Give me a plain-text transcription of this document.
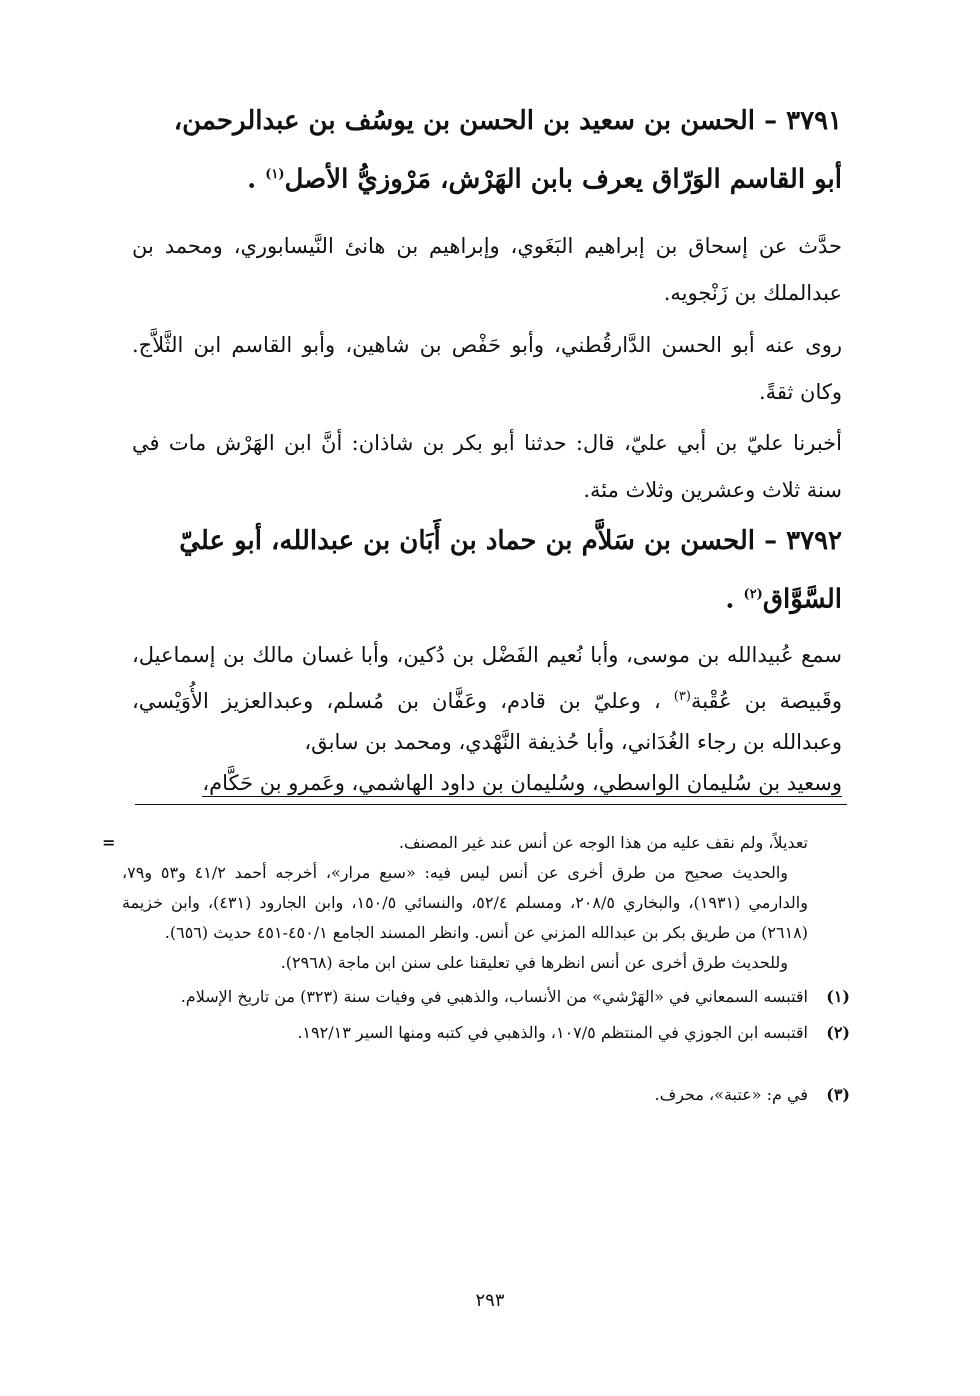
٣٧٩١ – الحسن بن سعيد بن الحسن بن يوسُف بن عبدالرحمن،
أبو القاسم الوَرّاق يعرف بابن الهَرْش، مَرْوزيُّ الأصل$^{(١)}$ .

حدَّث عن إسحاق بن إبراهيم البَغَوي، وإبراهيم بن هانئ النَّيسابوري، ومحمد بن عبدالملك بن زَنْجويه.

روى عنه أبو الحسن الدَّارقُطني، وأبو حَفْص بن شاهين، وأبو القاسم ابن الثَّلاَّج. وكان ثقةً.

أخبرنا عليّ بن أبي عليّ، قال: حدثنا أبو بكر بن شاذان: أنَّ ابن الهَرْش مات في سنة ثلاث وعشرين وثلاث مئة.

٣٧٩٢ – الحسن بن سَلاَّم بن حماد بن أَبَان بن عبدالله، أبو عليّ
السَّوَّاق$^{(٢)}$ .

سمع عُبيدالله بن موسى، وأبا نُعيم الفَضْل بن دُكين، وأبا غسان مالك بن إسماعيل، وقَبيصة بن عُقْبة$^{(٣)}$ ، وعليّ بن قادم، وعَفَّان بن مُسلم، وعبدالعزيز الأُوَيْسي، وعبدالله بن رجاء الغُدَاني، وأبا حُذيفة النَّهْدي، ومحمد بن سابق،
وسعيد بن سُليمان الواسطي، وسُليمان بن داود الهاشمي، وعَمرو بن حَكَّام،

=	تعديلاً، ولم نقف عليه من هذا الوجه عن أنس عند غير المصنف.
والحديث صحيح من طرق أخرى عن أنس ليس فيه: «سبع مرار»، أخرجه أحمد ٤١/٢ و٥٣ و٧٩، والدارمي (١٩٣١)، والبخاري ٢٠٨/٥، ومسلم ٥٢/٤، والنسائي ١٥٠/٥، وابن الجارود (٤٣١)، وابن خزيمة (٢٦١٨) من طريق بكر بن عبدالله المزني عن أنس. وانظر المسند الجامع ٤٥٠/١-٤٥١ حديث (٦٥٦).
وللحديث طرق أخرى عن أنس انظرها في تعليقنا على سنن ابن ماجة (٢٩٦٨).
(١)
اقتبسه السمعاني في «الهَرْشي» من الأنساب، والذهبي في وفيات سنة (٣٢٣) من تاريخ الإسلام.
(٢)
اقتبسه ابن الجوزي في المنتظم ١٠٧/٥، والذهبي في كتبه ومنها السير ١٩٢/١٣.
(٣)
في م: «عتبة»، محرف.
٢٩٣
